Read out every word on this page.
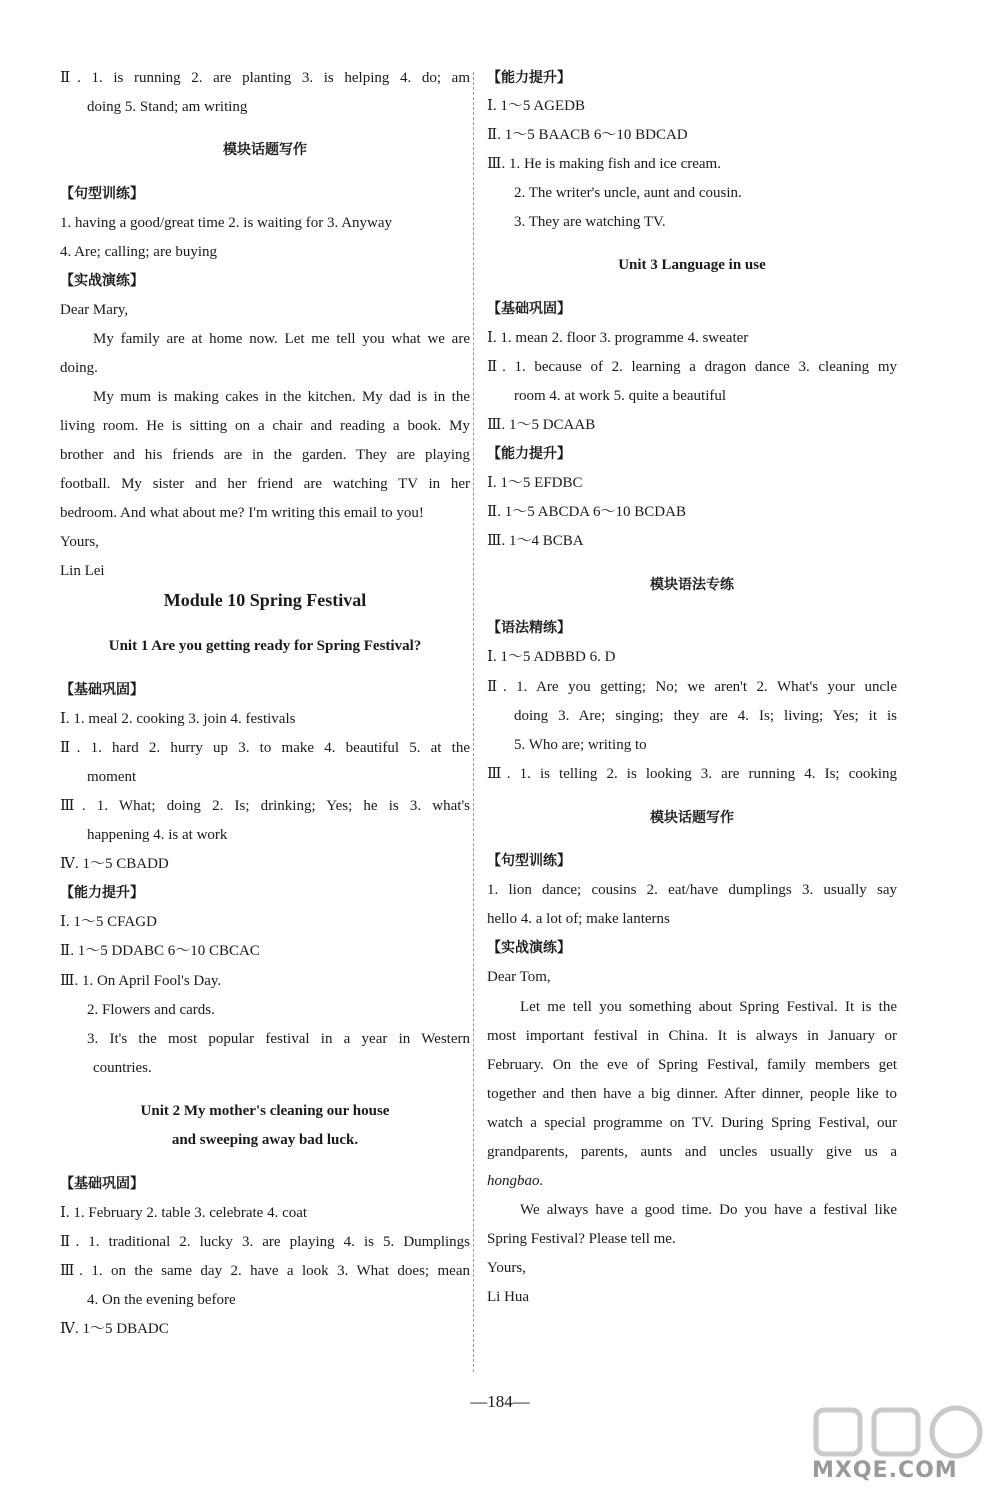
Ⅱ. 1. is running 2. are planting 3. is helping 4. do; am
doing 5. Stand; am writing
模块话题写作
【句型训练】
1. having a good/great time 2. is waiting for 3. Anyway
4. Are; calling; are buying
【实战演练】
Dear Mary,
My family are at home now. Let me tell you what we are
doing.
My mum is making cakes in the kitchen. My dad is in the
living room. He is sitting on a chair and reading a book. My
brother and his friends are in the garden. They are playing
football. My sister and her friend are watching TV in her
bedroom. And what about me? I'm writing this email to you!
Yours,
Lin Lei
Module 10 Spring Festival
Unit 1 Are you getting ready for Spring Festival?
【基础巩固】
Ⅰ. 1. meal 2. cooking 3. join 4. festivals
Ⅱ. 1. hard 2. hurry up 3. to make 4. beautiful 5. at the
moment
Ⅲ. 1. What; doing 2. Is; drinking; Yes; he is 3. what's
happening 4. is at work
Ⅳ. 1～5 CBADD
【能力提升】
Ⅰ. 1～5 CFAGD
Ⅱ. 1～5 DDABC 6～10 CBCAC
Ⅲ. 1. On April Fool's Day.
2. Flowers and cards.
3. It's the most popular festival in a year in Western
countries.
Unit 2 My mother's cleaning our house
and sweeping away bad luck.
【基础巩固】
Ⅰ. 1. February 2. table 3. celebrate 4. coat
Ⅱ. 1. traditional 2. lucky 3. are playing 4. is 5. Dumplings
Ⅲ. 1. on the same day 2. have a look 3. What does; mean
4. On the evening before
Ⅳ. 1～5 DBADC
【能力提升】
Ⅰ. 1～5 AGEDB
Ⅱ. 1～5 BAACB 6～10 BDCAD
Ⅲ. 1. He is making fish and ice cream.
2. The writer's uncle, aunt and cousin.
3. They are watching TV.
Unit 3 Language in use
【基础巩固】
Ⅰ. 1. mean 2. floor 3. programme 4. sweater
Ⅱ. 1. because of 2. learning a dragon dance 3. cleaning my
room 4. at work 5. quite a beautiful
Ⅲ. 1～5 DCAAB
【能力提升】
Ⅰ. 1～5 EFDBC
Ⅱ. 1～5 ABCDA 6～10 BCDAB
Ⅲ. 1～4 BCBA
模块语法专练
【语法精练】
Ⅰ. 1～5 ADBBD 6. D
Ⅱ. 1. Are you getting; No; we aren't 2. What's your uncle
doing 3. Are; singing; they are 4. Is; living; Yes; it is
5. Who are; writing to
Ⅲ. 1. is telling 2. is looking 3. are running 4. Is; cooking
模块话题写作
【句型训练】
1. lion dance; cousins 2. eat/have dumplings 3. usually say
hello 4. a lot of; make lanterns
【实战演练】
Dear Tom,
Let me tell you something about Spring Festival. It is the
most important festival in China. It is always in January or
February. On the eve of Spring Festival, family members get
together and then have a big dinner. After dinner, people like to
watch a special programme on TV. During Spring Festival, our
grandparents, parents, aunts and uncles usually give us a
hongbao.
We always have a good time. Do you have a festival like
Spring Festival? Please tell me.
Yours,
Li Hua
—184—
MXQE.COM
